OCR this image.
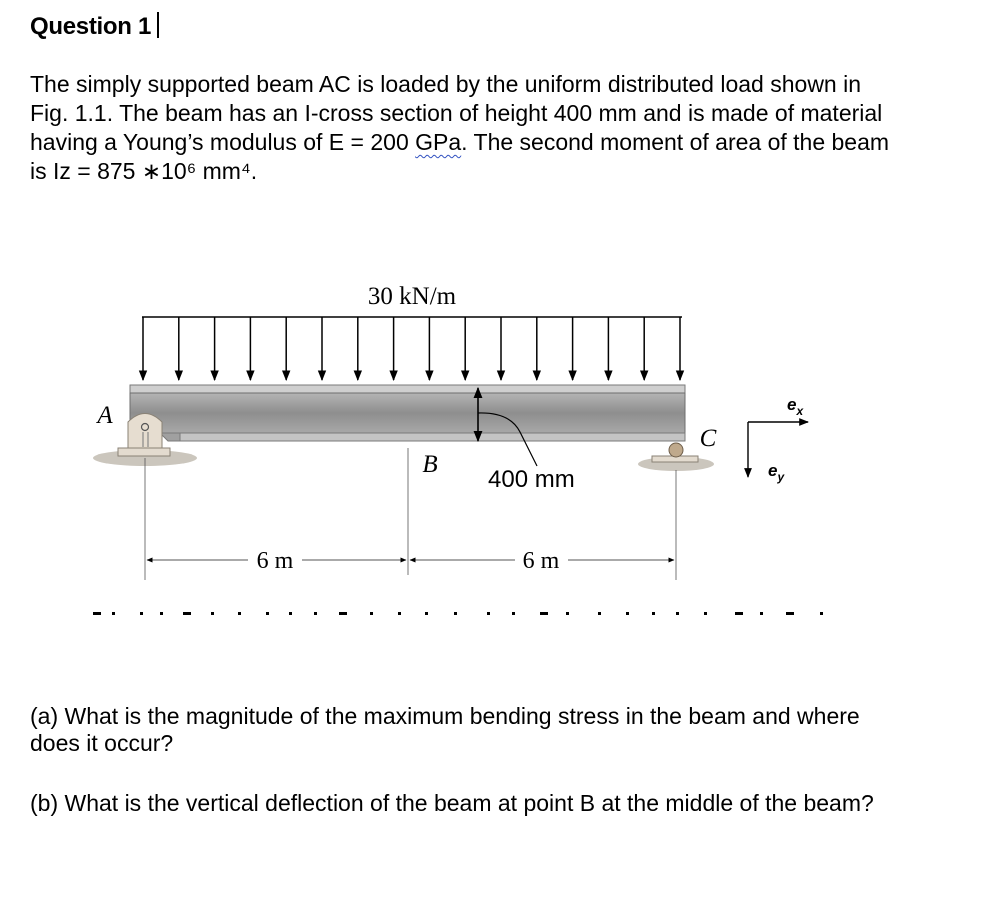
Question 1

The simply supported beam AC is loaded by the uniform distributed load shown in

Fig. 1.1. The beam has an I-cross section of height 400 mm and is made of material

having a Young’s modulus of E = 200 GPa. The second moment of area of the beam

is Iz = 875 ∗10⁶ mm⁴.

30 kN/m
A
C
B
400 mm
6 m	6 m
$e_x$
$e_y$

(a) What is the magnitude of the maximum bending stress in the beam and where

does it occur?

(b) What is the vertical deflection of the beam at point B at the middle of the beam?
